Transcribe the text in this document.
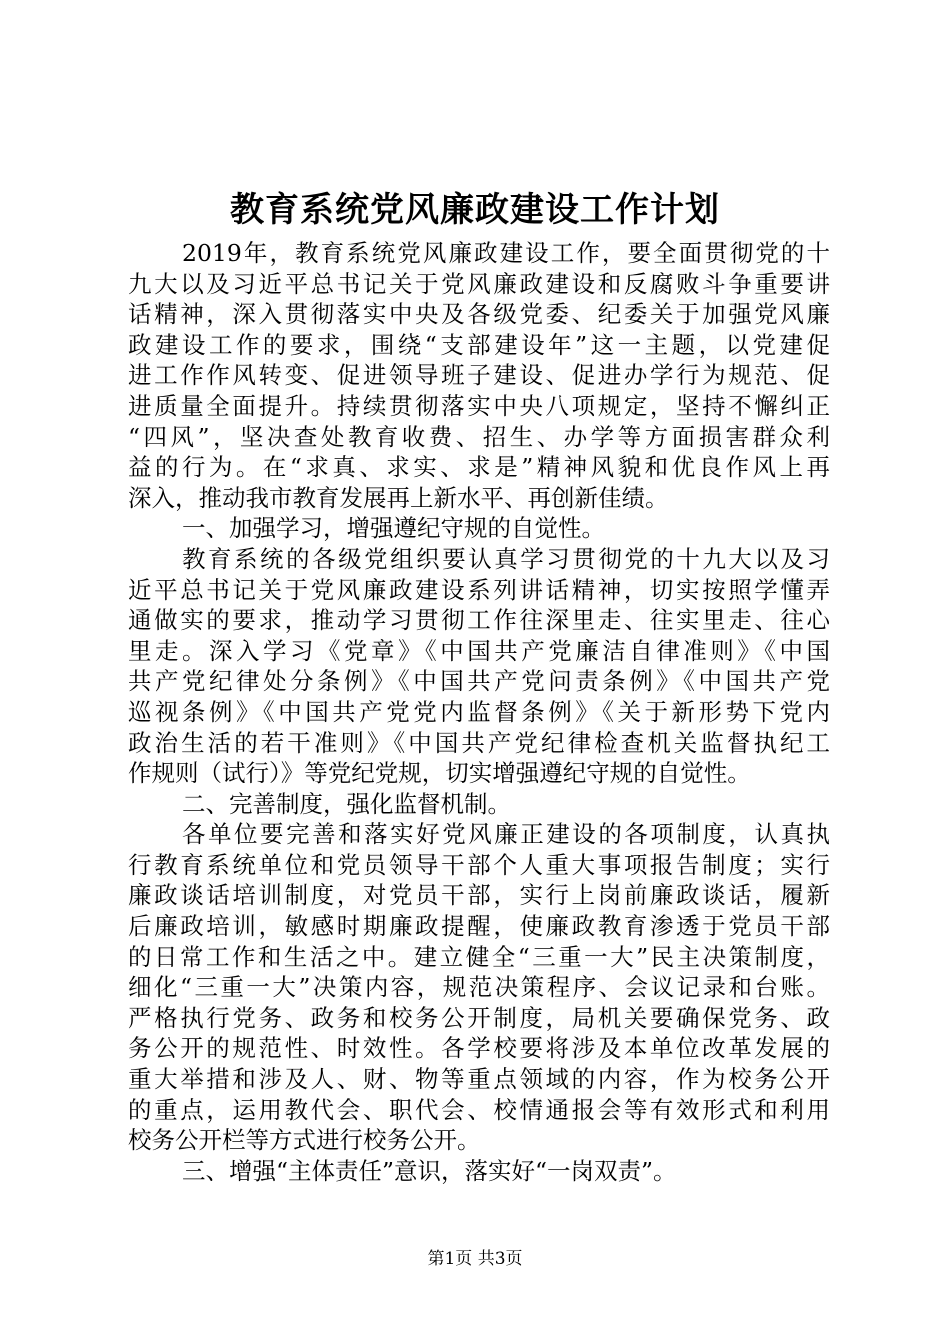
教育系统党风廉政建设工作计划
2019年，教育系统党风廉政建设工作，要全面贯彻党的十
九大以及习近平总书记关于党风廉政建设和反腐败斗争重要讲
话精神，深入贯彻落实中央及各级党委、纪委关于加强党风廉
政建设工作的要求，围绕“支部建设年”这一主题，以党建促
进工作作风转变、促进领导班子建设、促进办学行为规范、促
进质量全面提升。持续贯彻落实中央八项规定，坚持不懈纠正
“四风”，坚决查处教育收费、招生、办学等方面损害群众利
益的行为。在“求真、求实、求是”精神风貌和优良作风上再
深入，推动我市教育发展再上新水平、再创新佳绩。
一、加强学习，增强遵纪守规的自觉性。
教育系统的各级党组织要认真学习贯彻党的十九大以及习
近平总书记关于党风廉政建设系列讲话精神，切实按照学懂弄
通做实的要求，推动学习贯彻工作往深里走、往实里走、往心
里走。深入学习《党章》《中国共产党廉洁自律准则》《中国
共产党纪律处分条例》《中国共产党问责条例》《中国共产党
巡视条例》《中国共产党党内监督条例》《关于新形势下党内
政治生活的若干准则》《中国共产党纪律检查机关监督执纪工
作规则（试行）》等党纪党规，切实增强遵纪守规的自觉性。
二、完善制度，强化监督机制。
各单位要完善和落实好党风廉正建设的各项制度，认真执
行教育系统单位和党员领导干部个人重大事项报告制度；实行
廉政谈话培训制度，对党员干部，实行上岗前廉政谈话，履新
后廉政培训，敏感时期廉政提醒，使廉政教育渗透于党员干部
的日常工作和生活之中。建立健全“三重一大”民主决策制度，
细化“三重一大”决策内容，规范决策程序、会议记录和台账。
严格执行党务、政务和校务公开制度，局机关要确保党务、政
务公开的规范性、时效性。各学校要将涉及本单位改革发展的
重大举措和涉及人、财、物等重点领域的内容，作为校务公开
的重点，运用教代会、职代会、校情通报会等有效形式和利用
校务公开栏等方式进行校务公开。
三、增强“主体责任”意识，落实好“一岗双责”。
第1页 共3页
